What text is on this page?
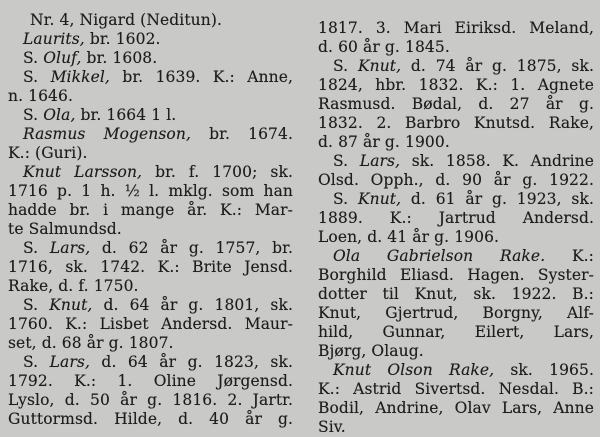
Nr. 4, Nigard (Neditun).
Laurits, br. 1602.
S. Oluf, br. 1608.
S. Mikkel, br. 1639. K.: Anne,
n. 1646.
S. Ola, br. 1664 1 l.
Rasmus Mogenson, br. 1674.
K.: (Guri).
Knut Larsson, br. f. 1700; sk.
1716 p. 1 h. ½ l. mklg. som han
hadde br. i mange år. K.: Mar-
te Salmundsd.
S. Lars, d. 62 år g. 1757, br.
1716, sk. 1742. K.: Brite Jensd.
Rake, d. f. 1750.
S. Knut, d. 64 år g. 1801, sk.
1760. K.: Lisbet Andersd. Maur-
set, d. 68 år g. 1807.
S. Lars, d. 64 år g. 1823, sk.
1792. K.: 1. Oline Jørgensd.
Lyslo, d. 50 år g. 1816. 2. Jartr.
Guttormsd. Hilde, d. 40 år g.
1817. 3. Mari Eiriksd. Meland,
d. 60 år g. 1845.
S. Knut, d. 74 år g. 1875, sk.
1824, hbr. 1832. K.: 1. Agnete
Rasmusd. Bødal, d. 27 år g.
1832. 2. Barbro Knutsd. Rake,
d. 87 år g. 1900.
S. Lars, sk. 1858. K. Andrine
Olsd. Opph., d. 90 år g. 1922.
S. Knut, d. 61 år g. 1923, sk.
1889. K.: Jartrud Andersd.
Loen, d. 41 år g. 1906.
Ola Gabrielson Rake. K.:
Borghild Eliasd. Hagen. Syster-
dotter til Knut, sk. 1922. B.:
Knut, Gjertrud, Borgny, Alf-
hild, Gunnar, Eilert, Lars,
Bjørg, Olaug.
Knut Olson Rake, sk. 1965.
K.: Astrid Sivertsd. Nesdal. B.:
Bodil, Andrine, Olav Lars, Anne
Siv.
